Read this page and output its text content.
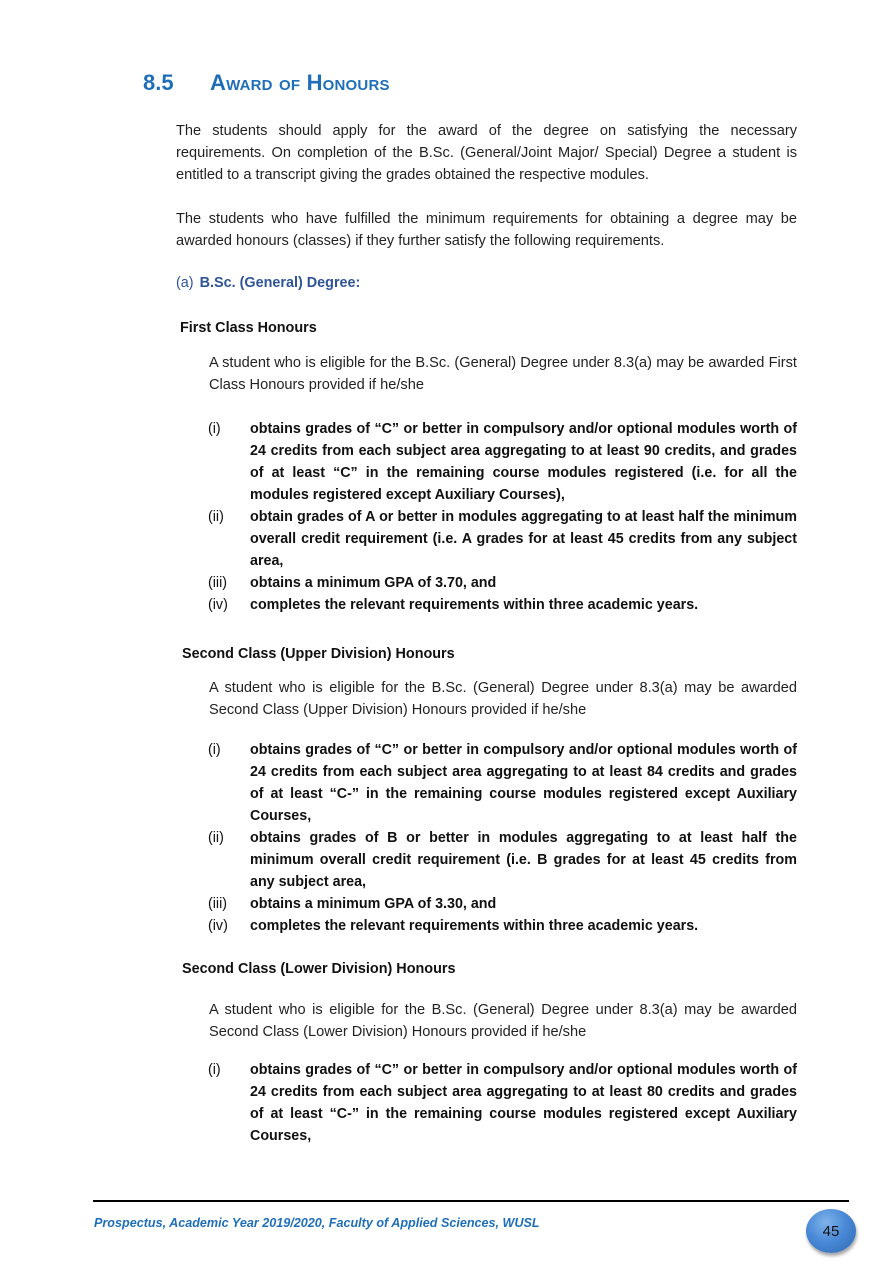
8.5 Award of Honours

The students should apply for the award of the degree on satisfying the necessary requirements. On completion of the B.Sc. (General/Joint Major/ Special) Degree a student is entitled to a transcript giving the grades obtained the respective modules.

The students who have fulfilled the minimum requirements for obtaining a degree may be awarded honours (classes) if they further satisfy the following requirements.

(a) B.Sc. (General) Degree:
First Class Honours

A student who is eligible for the B.Sc. (General) Degree under 8.3(a) may be awarded First Class Honours provided if he/she

(i) obtains grades of “C” or better in compulsory and/or optional modules worth of 24 credits from each subject area aggregating to at least 90 credits, and grades of at least “C” in the remaining course modules registered (i.e. for all the modules registered except Auxiliary Courses),
(ii) obtain grades of A or better in modules aggregating to at least half the minimum overall credit requirement (i.e. A grades for at least 45 credits from any subject area,
(iii) obtains a minimum GPA of 3.70, and
(iv) completes the relevant requirements within three academic years.
Second Class (Upper Division) Honours

A student who is eligible for the B.Sc. (General) Degree under 8.3(a) may be awarded Second Class (Upper Division) Honours provided if he/she

(i) obtains grades of “C” or better in compulsory and/or optional modules worth of 24 credits from each subject area aggregating to at least 84 credits and grades of at least “C-” in the remaining course modules registered except Auxiliary Courses,
(ii) obtains grades of B or better in modules aggregating to at least half the minimum overall credit requirement (i.e. B grades for at least 45 credits from any subject area,
(iii) obtains a minimum GPA of 3.30, and
(iv) completes the relevant requirements within three academic years.
Second Class (Lower Division) Honours

A student who is eligible for the B.Sc. (General) Degree under 8.3(a) may be awarded Second Class (Lower Division) Honours provided if he/she

(i) obtains grades of “C” or better in compulsory and/or optional modules worth of 24 credits from each subject area aggregating to at least 80 credits and grades of at least “C-” in the remaining course modules registered except Auxiliary Courses,
Prospectus, Academic Year 2019/2020, Faculty of Applied Sciences, WUSL	45
